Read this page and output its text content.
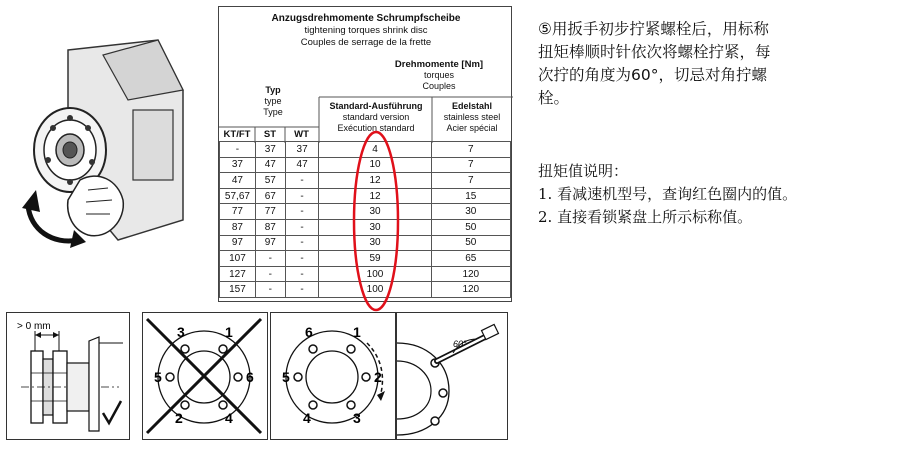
Anzugsdrehmomente Schrumpfscheibe
tightening torques shrink disc
Couples de serrage de la frette
Drehmomente [Nm]
torques
Couples
Typ
type
Type
Standard-Ausführung
standard version
Exécution standard
Edelstahl
stainless steel
Acier spécial
KT/FT	ST	WT
-	37	37	4	7
37	47	47	10	7
47	57	-	12	7
57,67	67	-	12	15
77	77	-	30	30
87	87	-	30	50
97	97	-	30	50
107	-	-	59	65
127	-	-	100	120
157	-	-	100	120
⑤用扳手初步拧紧螺栓后，用标称
扭矩棒顺时针依次将螺栓拧紧，每
次拧的角度为60°，切忌对角拧螺
栓。
扭矩值说明：
1. 看减速机型号，查询红色圈内的值。
2. 直接看锁紧盘上所示标称值。
> 0 mm	3	1
5	6
2	4
6	1
5	2
4	3
60°
